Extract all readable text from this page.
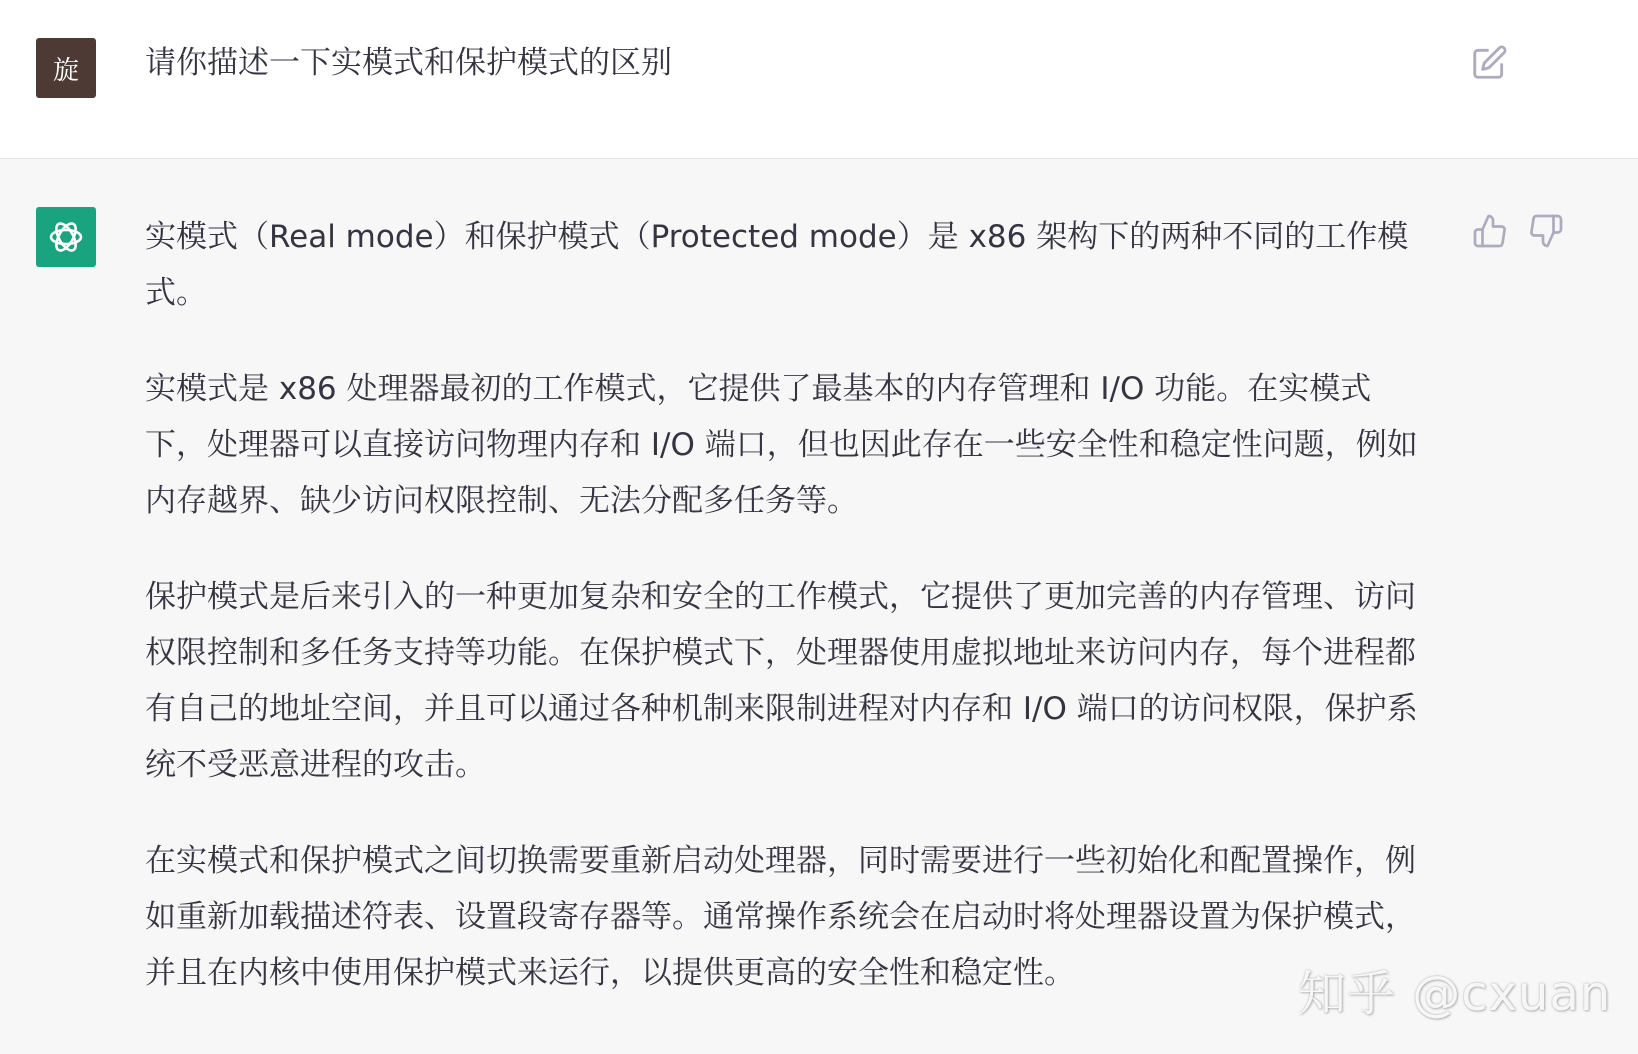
旋	请你描述一下实模式和保护模式的区别

实模式（Real mode）和保护模式（Protected mode）是 x86 架构下的两种不同的工作模式。

实模式是 x86 处理器最初的工作模式，它提供了最基本的内存管理和 I/O 功能。在实模式下，处理器可以直接访问物理内存和 I/O 端口，但也因此存在一些安全性和稳定性问题，例如内存越界、缺少访问权限控制、无法分配多任务等。

保护模式是后来引入的一种更加复杂和安全的工作模式，它提供了更加完善的内存管理、访问权限控制和多任务支持等功能。在保护模式下，处理器使用虚拟地址来访问内存，每个进程都有自己的地址空间，并且可以通过各种机制来限制进程对内存和 I/O 端口的访问权限，保护系统不受恶意进程的攻击。

在实模式和保护模式之间切换需要重新启动处理器，同时需要进行一些初始化和配置操作，例如重新加载描述符表、设置段寄存器等。通常操作系统会在启动时将处理器设置为保护模式，并且在内核中使用保护模式来运行，以提供更高的安全性和稳定性。	知乎 @cxuan
